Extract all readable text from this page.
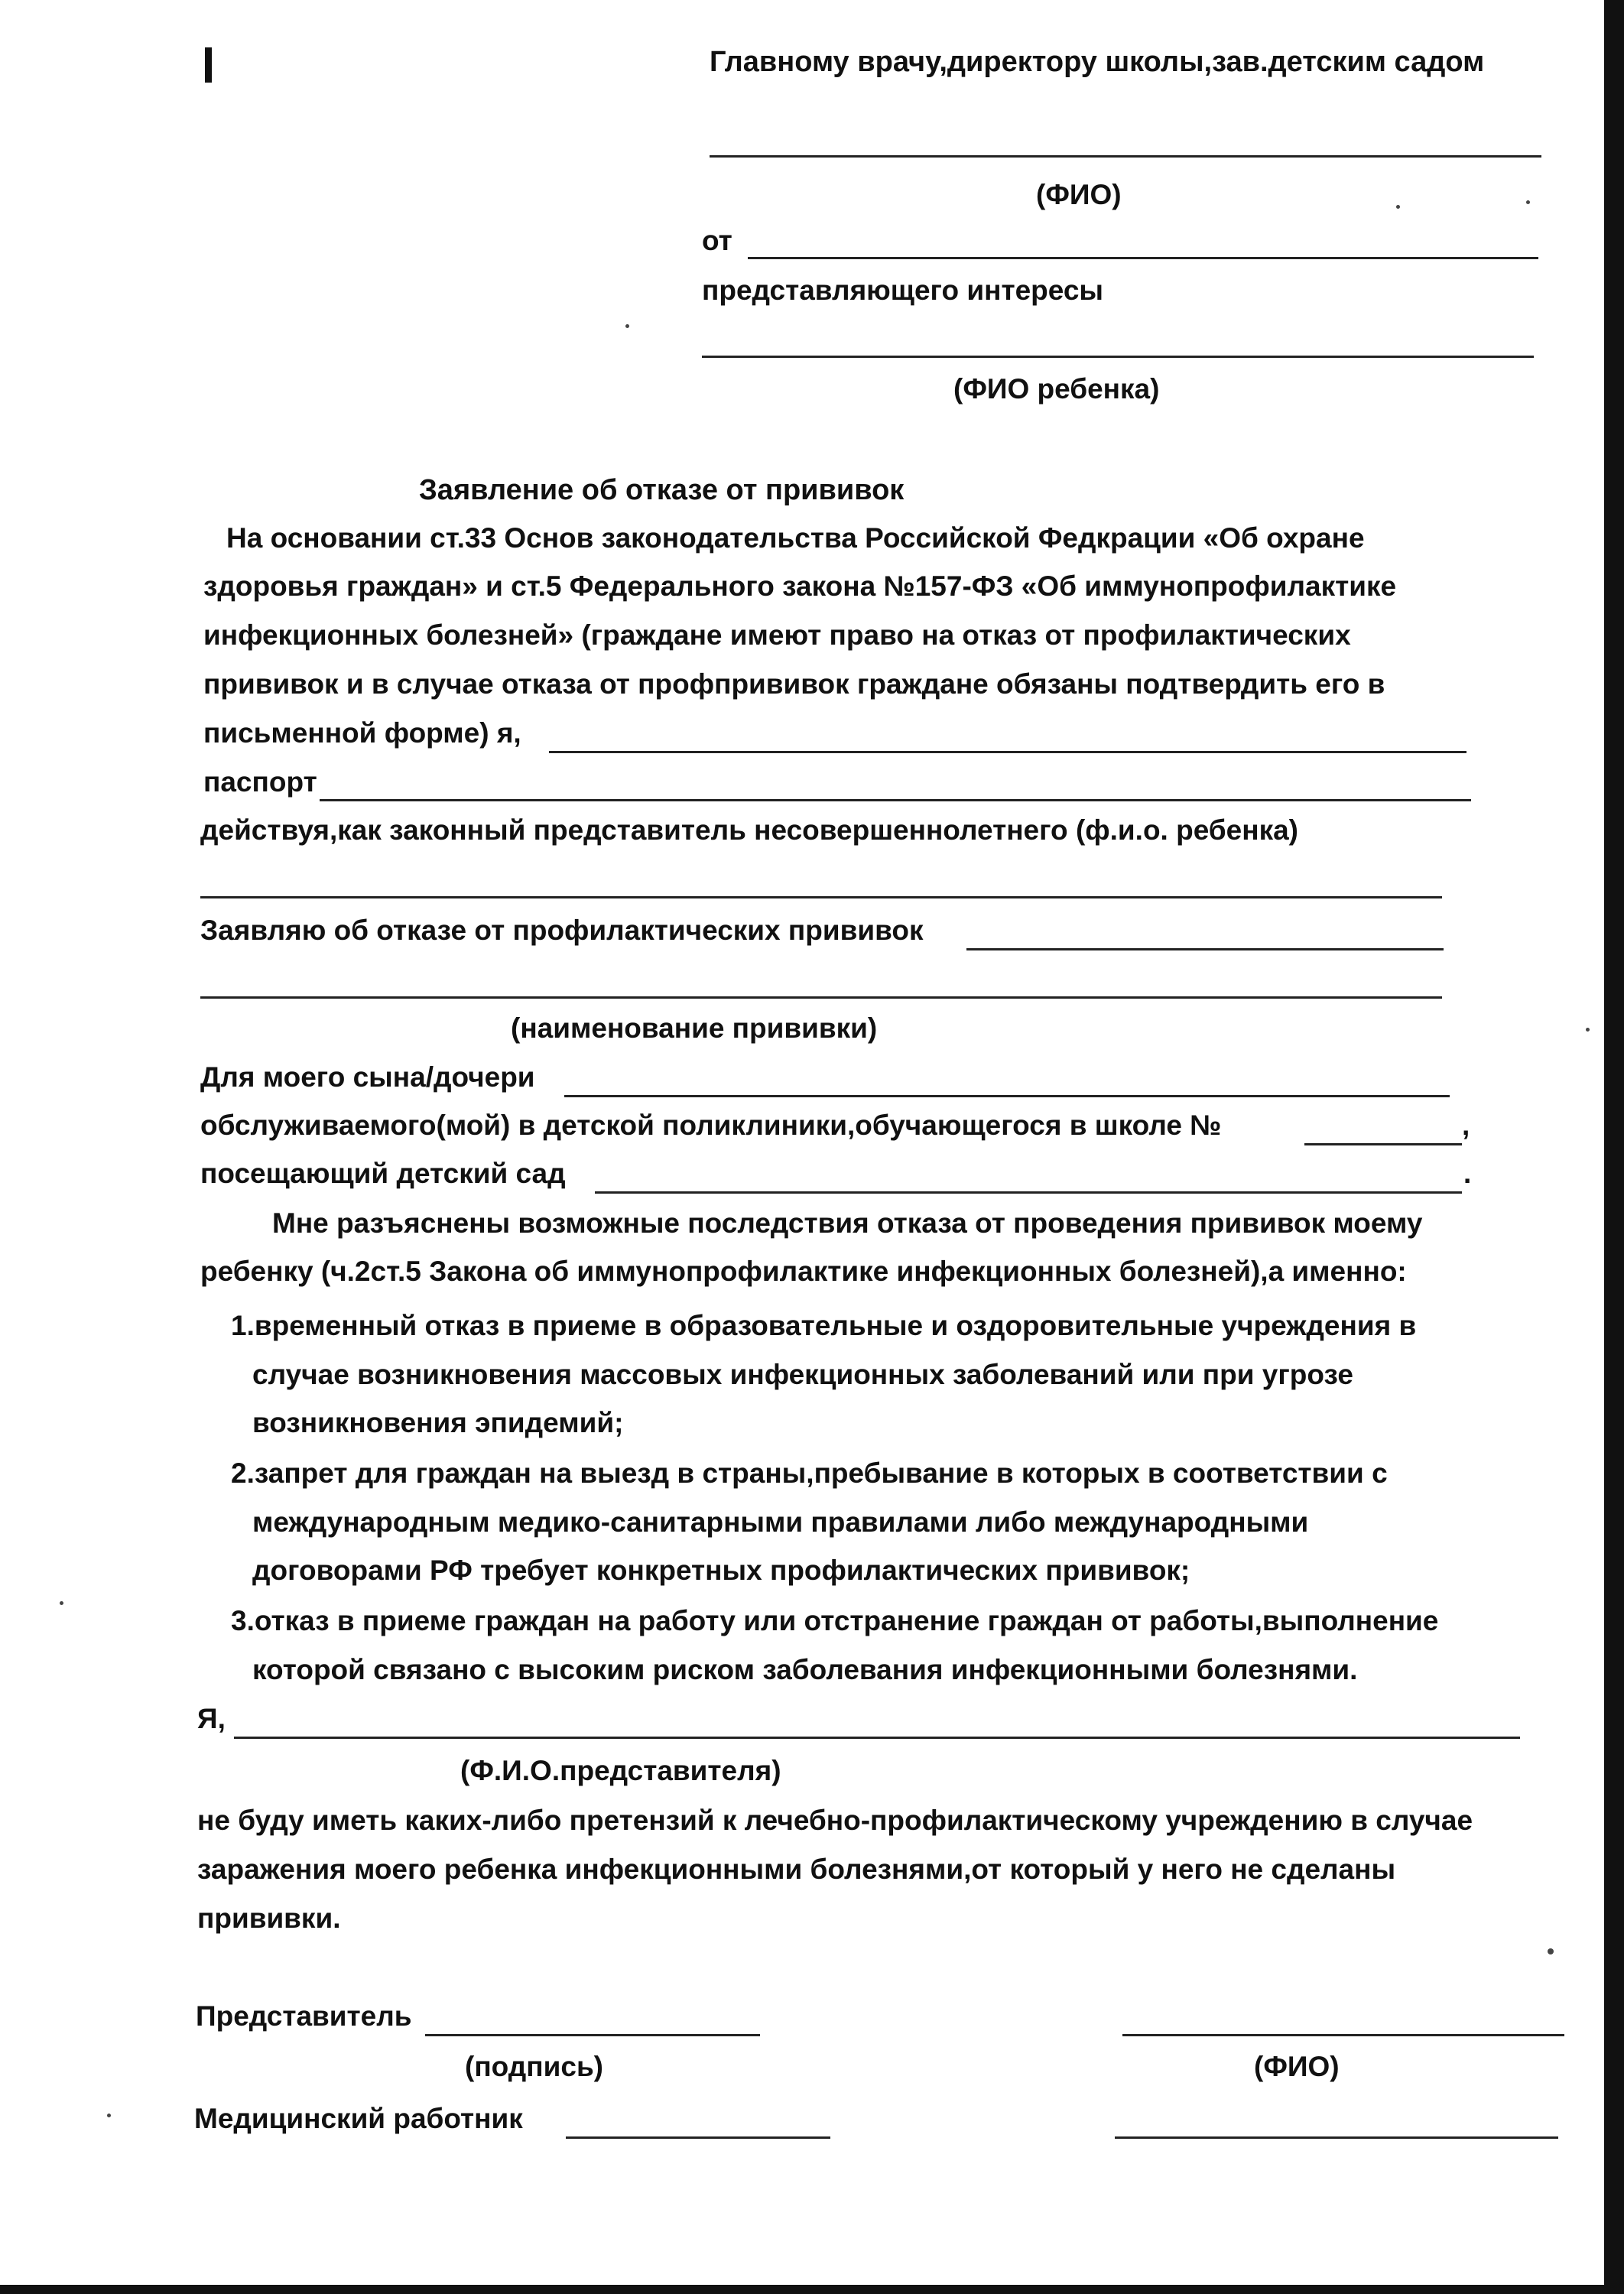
Главному врачу,директору школы,зав.детским садом
(ФИО)
от
представляющего интересы
(ФИО ребенка)
Заявление об отказе от прививок
На основании ст.33 Основ законодательства Российской Федкрации «Об охране
здоровья граждан» и ст.5 Федерального закона №157-ФЗ «Об иммунопрофилактике
инфекционных болезней» (граждане имеют право на отказ от профилактических
прививок и в случае отказа от профпрививок граждане обязаны подтвердить его в
письменной форме) я,
паспорт
действуя,как законный представитель несовершеннолетнего (ф.и.о. ребенка)
Заявляю об отказе от профилактических прививок
(наименование прививки)
Для моего сына/дочери
обслуживаемого(мой) в детской поликлиники,обучающегося в школе №	,
посещающий детский сад	.
Мне разъяснены возможные последствия отказа от проведения прививок моему
ребенку (ч.2ст.5 Закона об иммунопрофилактике инфекционных болезней),а именно:
1.временный отказ в приеме в образовательные и оздоровительные учреждения в
случае возникновения массовых инфекционных заболеваний или при угрозе
возникновения эпидемий;
2.запрет для граждан на выезд в страны,пребывание в которых в соответствии с
международным медико-санитарными правилами либо международными
договорами РФ требует конкретных профилактических прививок;
3.отказ в приеме граждан на работу или отстранение граждан от работы,выполнение
которой связано с высоким риском заболевания инфекционными болезнями.
Я,
(Ф.И.О.представителя)
не буду иметь каких-либо претензий к лечебно-профилактическому учреждению в случае
заражения моего ребенка инфекционными болезнями,от который у него не сделаны
прививки.
Представитель
(подпись)	(ФИО)
Медицинский работник
